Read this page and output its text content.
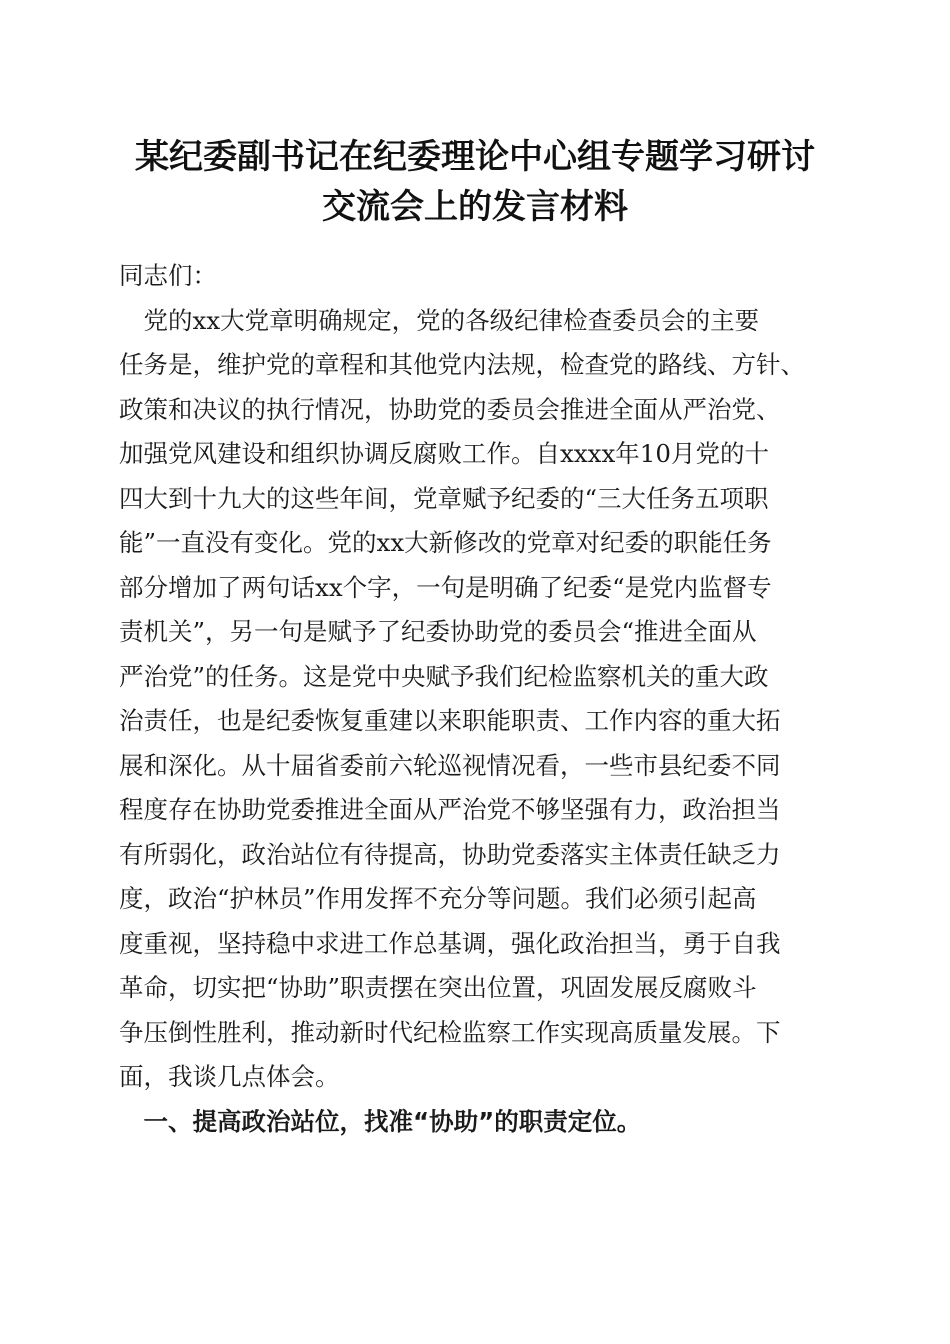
某纪委副书记在纪委理论中心组专题学习研讨
交流会上的发言材料
同志们：
　党的xx大党章明确规定，党的各级纪律检查委员会的主要
任务是，维护党的章程和其他党内法规，检查党的路线、方针、
政策和决议的执行情况，协助党的委员会推进全面从严治党、
加强党风建设和组织协调反腐败工作。自xxxx年10月党的十
四大到十九大的这些年间，党章赋予纪委的“三大任务五项职
能”一直没有变化。党的xx大新修改的党章对纪委的职能任务
部分增加了两句话xx个字，一句是明确了纪委“是党内监督专
责机关”，另一句是赋予了纪委协助党的委员会“推进全面从
严治党”的任务。这是党中央赋予我们纪检监察机关的重大政
治责任，也是纪委恢复重建以来职能职责、工作内容的重大拓
展和深化。从十届省委前六轮巡视情况看，一些市县纪委不同
程度存在协助党委推进全面从严治党不够坚强有力，政治担当
有所弱化，政治站位有待提高，协助党委落实主体责任缺乏力
度，政治“护林员”作用发挥不充分等问题。我们必须引起高
度重视，坚持稳中求进工作总基调，强化政治担当，勇于自我
革命，切实把“协助”职责摆在突出位置，巩固发展反腐败斗
争压倒性胜利，推动新时代纪检监察工作实现高质量发展。下
面，我谈几点体会。
　一、提高政治站位，找准“协助”的职责定位。
